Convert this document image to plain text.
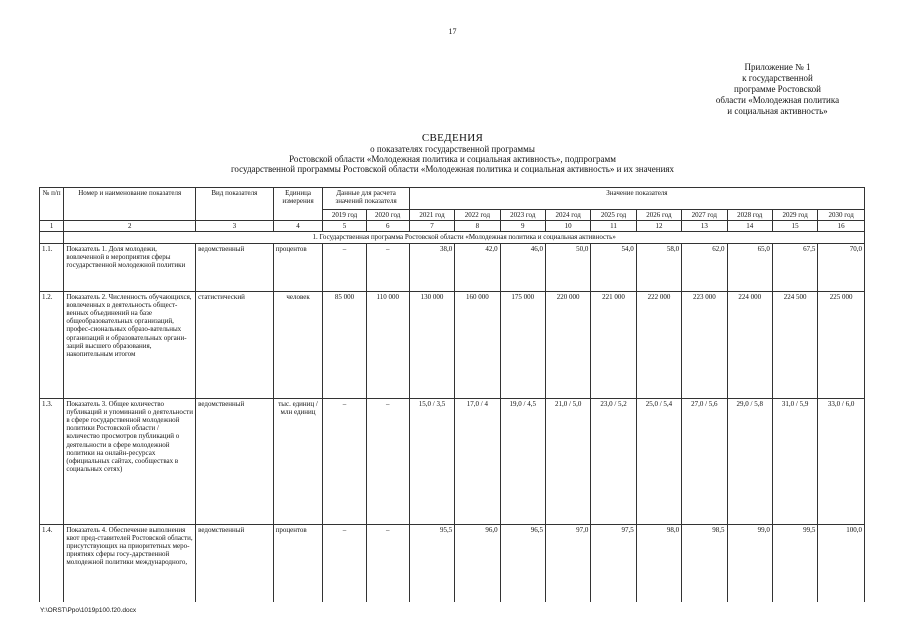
17
Приложение № 1
к государственной
программе Ростовской
области «Молодежная политика
и социальная активность»
СВЕДЕНИЯ
о показателях государственной программы
Ростовской области «Молодежная политика и социальная активность», подпрограмм
государственной программы Ростовской области «Молодежная политика и социальная активность» и их значениях
№ п/п	Номер и наименование показателя	Вид показателя	Единица измерения	Данные для расчета значений показателя		Значение показателя									
				2019 год	2020 год	2021 год	2022 год	2023 год	2024 год	2025 год	2026 год	2027 год	2028 год	2029 год	2030 год
1	2	3	4	5	6	7	8	9	10	11	12	13	14	15	16
	1. Государственная программа Ростовской области «Молодежная политика и социальная активность»														
1.1.	Показатель 1. Доля молодежи, вовлеченной в мероприятия сферы государственной молодежной политики	ведомственный	процентов	–	–	38,0	42,0	46,0	50,0	54,0	58,0	62,0	65,0	67,5	70,0
1.2.	Показатель 2. Численность обучающихся, вовлеченных в деятельность общест-венных объединений на базе общеобразовательных организаций, профес-сиональных образо-вательных организаций и образовательных органи-заций высшего образования, накопительным итогом	статистический	человек	85 000	110 000	130 000	160 000	175 000	220 000	221 000	222 000	223 000	224 000	224 500	225 000
1.3.	Показатель 3. Общее количество публикаций и упоминаний о деятельности в сфере государственной молодежной политики Ростовской области / количество просмотров публикаций о деятельности в сфере молодежной политики на онлайн-ресурсах (официальных сайтах, сообществах в социальных сетях)	ведомственный	тыс. единиц / млн единиц	–	–	15,0 / 3,5	17,0 / 4	19,0 / 4,5	21,0 / 5,0	23,0 / 5,2	25,0 / 5,4	27,0 / 5,6	29,0 / 5,8	31,0 / 5,9	33,0 / 6,0
1.4.	Показатель 4. Обеспечение выполнения квот пред-ставителей Ростовской области, присутствующих на приоритетных меро-приятиях сферы госу-дарственной молодежной политики международного,	ведомственный	процентов	–	–	95,5	96,0	96,5	97,0	97,5	98,0	98,5	99,0	99,5	100,0
Y:\ORST\Ppo\1019p100.f20.docx
